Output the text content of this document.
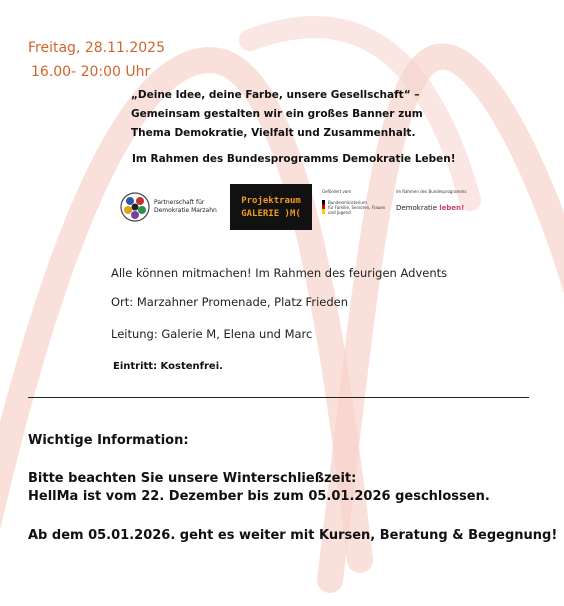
Freitag, 28.11.2025
16.00- 20:00 Uhr
„Deine Idee, deine Farbe, unsere Gesellschaft“ –
Gemeinsam gestalten wir ein großes Banner zum
Thema Demokratie, Vielfalt und Zusammenhalt.
Im Rahmen des Bundesprogramms Demokratie Leben!
Partnerschaft für
Demokratie Marzahn
Projektraum
GALERIE )M(
Gefördert vom
Bundesministerium
für Familie, Senioren, Frauen
und Jugend
im Rahmen des Bundesprogramms
Demokratie leben!
Alle können mitmachen! Im Rahmen des feurigen Advents
Ort: Marzahner Promenade, Platz Frieden
Leitung: Galerie M, Elena und Marc
Eintritt: Kostenfrei.
Wichtige Information:
Bitte beachten Sie unsere Winterschließzeit:
HellMa ist vom 22. Dezember bis zum 05.01.2026 geschlossen.
Ab dem 05.01.2026. geht es weiter mit Kursen, Beratung & Begegnung!
